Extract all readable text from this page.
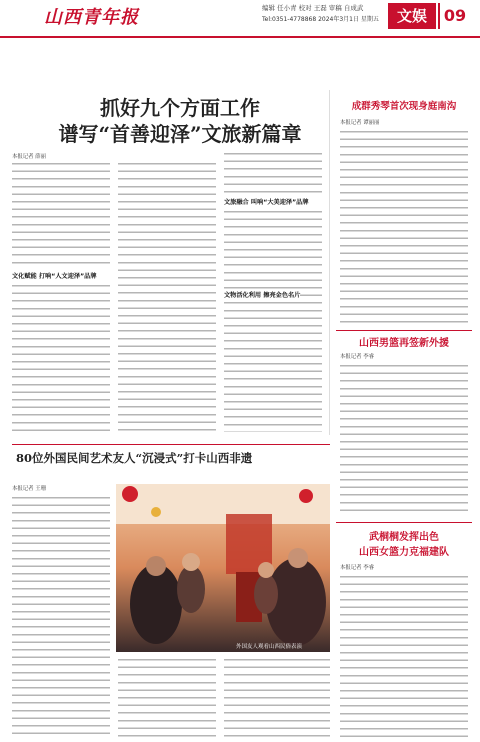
山西青年报	编辑 任小青 校对 王磊 审稿 自成武
Tel:0351-4778868 2024年3月1日 星期五	文娱	09
抓好九个方面工作
谱写“首善迎泽”文旅新篇章
本报记者 薛丽
文化赋能 打响“人文迎泽”品牌
文旅融合 叫响“大美迎泽”品牌
成群秀琴首次现身庭南沟
本报记者 谭丽丽
山西男篮再签新外援
本报记者 李睿
武桐桐发挥出色
山西女篮力克福建队
本报记者 李睿
80位外国民间艺术友人“沉浸式”打卡山西非遗
本报记者 王珊
外国友人观看山西民俗表演
文物活化利用 擦亮金色名片
